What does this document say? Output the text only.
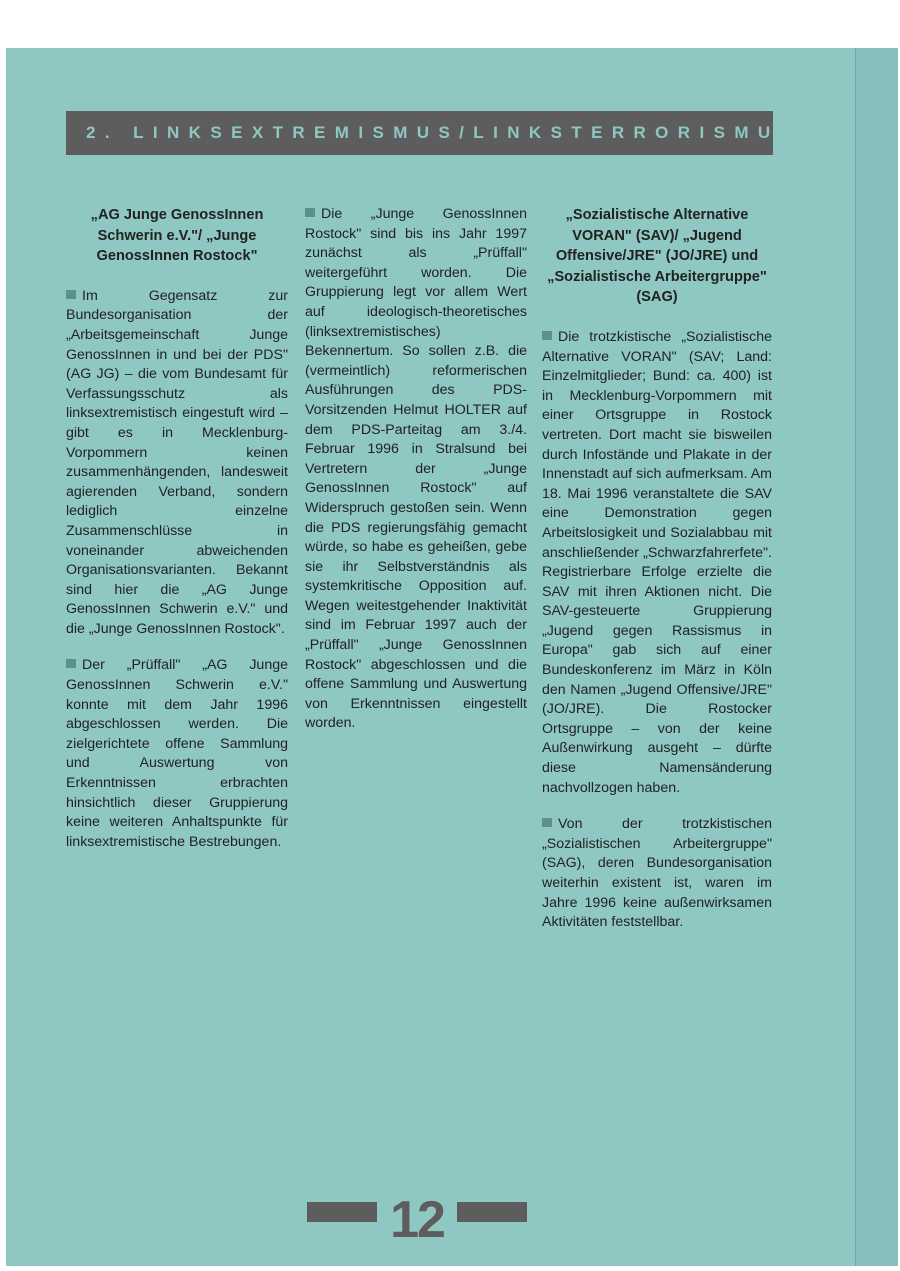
2. LINKSEXTREMISMUS/LINKSTERRORISMUS

„AG Junge GenossInnen Schwerin e.V."/ „Junge GenossInnen Rostock"

Im Gegensatz zur Bundesorganisation der „Arbeitsgemeinschaft Junge GenossInnen in und bei der PDS" (AG JG) – die vom Bundesamt für Verfassungsschutz als linksextremistisch eingestuft wird – gibt es in Mecklenburg-Vorpommern keinen zusammenhängenden, landesweit agierenden Verband, sondern lediglich einzelne Zusammenschlüsse in voneinander abweichenden Organisationsvarianten. Bekannt sind hier die „AG Junge GenossInnen Schwerin e.V." und die „Junge GenossInnen Rostock".

Der „Prüffall" „AG Junge GenossInnen Schwerin e.V." konnte mit dem Jahr 1996 abgeschlossen werden. Die zielgerichtete offene Sammlung und Auswertung von Erkenntnissen erbrachten hinsichtlich dieser Gruppierung keine weiteren Anhaltspunkte für linksextremistische Bestrebungen.

Die „Junge GenossInnen Rostock" sind bis ins Jahr 1997 zunächst als „Prüffall" weitergeführt worden. Die Gruppierung legt vor allem Wert auf ideologisch-theoretisches (linksextremistisches) Bekennertum. So sollen z.B. die (vermeintlich) reformerischen Ausführungen des PDS-Vorsitzenden Helmut HOLTER auf dem PDS-Parteitag am 3./4. Februar 1996 in Stralsund bei Vertretern der „Junge GenossInnen Rostock" auf Widerspruch gestoßen sein. Wenn die PDS regierungsfähig gemacht würde, so habe es geheißen, gebe sie ihr Selbstverständnis als systemkritische Opposition auf. Wegen weitestgehender Inaktivität sind im Februar 1997 auch der „Prüffall" „Junge GenossInnen Rostock" abgeschlossen und die offene Sammlung und Auswertung von Erkenntnissen eingestellt worden.

„Sozialistische Alternative VORAN" (SAV)/ „Jugend Offensive/JRE" (JO/JRE) und „Sozialistische Arbeitergruppe" (SAG)

Die trotzkistische „Sozialistische Alternative VORAN" (SAV; Land: Einzelmitglieder; Bund: ca. 400) ist in Mecklenburg-Vorpommern mit einer Ortsgruppe in Rostock vertreten. Dort macht sie bisweilen durch Infostände und Plakate in der Innenstadt auf sich aufmerksam. Am 18. Mai 1996 veranstaltete die SAV eine Demonstration gegen Arbeitslosigkeit und Sozialabbau mit anschließender „Schwarzfahrerfete". Registrierbare Erfolge erzielte die SAV mit ihren Aktionen nicht. Die SAV-gesteuerte Gruppierung „Jugend gegen Rassismus in Europa" gab sich auf einer Bundeskonferenz im März in Köln den Namen „Jugend Offensive/JRE" (JO/JRE). Die Rostocker Ortsgruppe – von der keine Außenwirkung ausgeht – dürfte diese Namensänderung nachvollzogen haben.

Von der trotzkistischen „Sozialistischen Arbeitergruppe" (SAG), deren Bundesorganisation weiterhin existent ist, waren im Jahre 1996 keine außenwirksamen Aktivitäten feststellbar.

12
